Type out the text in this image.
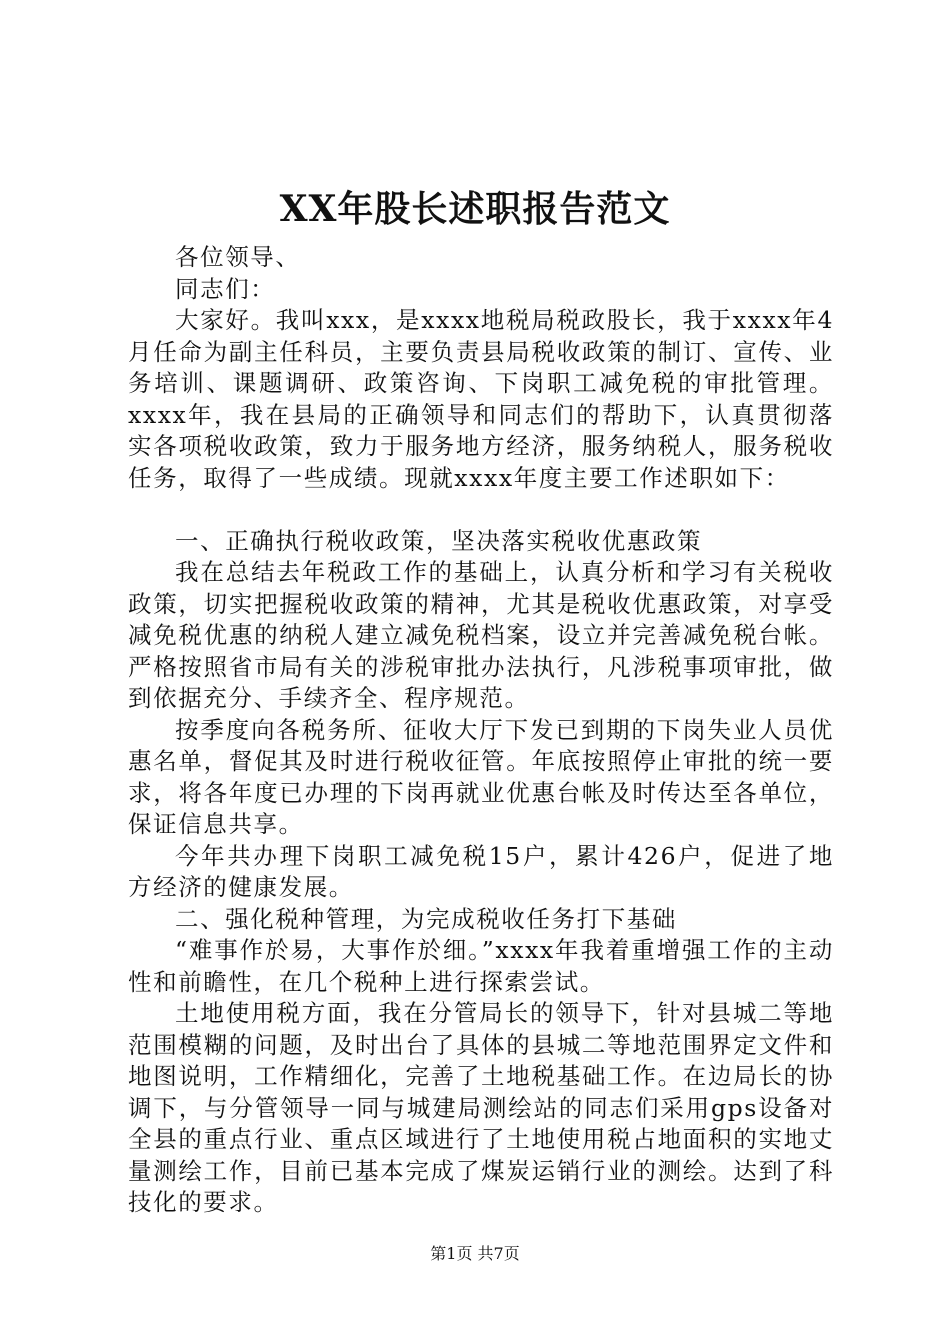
XX年股长述职报告范文

各位领导、

同志们：

大家好。我叫xxx，是xxxx地税局税政股长，我于xxxx年4月任命为副主任科员，主要负责县局税收政策的制订、宣传、业务培训、课题调研、政策咨询、下岗职工减免税的审批管理。xxxx年，我在县局的正确领导和同志们的帮助下，认真贯彻落实各项税收政策，致力于服务地方经济，服务纳税人，服务税收任务，取得了一些成绩。现就xxxx年度主要工作述职如下：

一、正确执行税收政策，坚决落实税收优惠政策

我在总结去年税政工作的基础上，认真分析和学习有关税收政策，切实把握税收政策的精神，尤其是税收优惠政策，对享受减免税优惠的纳税人建立减免税档案，设立并完善减免税台帐。严格按照省市局有关的涉税审批办法执行，凡涉税事项审批，做到依据充分、手续齐全、程序规范。

按季度向各税务所、征收大厅下发已到期的下岗失业人员优惠名单，督促其及时进行税收征管。年底按照停止审批的统一要求，将各年度已办理的下岗再就业优惠台帐及时传达至各单位，保证信息共享。

今年共办理下岗职工减免税15户，累计426户，促进了地方经济的健康发展。

二、强化税种管理，为完成税收任务打下基础

“难事作於易，大事作於细。”xxxx年我着重增强工作的主动性和前瞻性，在几个税种上进行探索尝试。

土地使用税方面，我在分管局长的领导下，针对县城二等地范围模糊的问题，及时出台了具体的县城二等地范围界定文件和地图说明，工作精细化，完善了土地税基础工作。在边局长的协调下，与分管领导一同与城建局测绘站的同志们采用gps设备对全县的重点行业、重点区域进行了土地使用税占地面积的实地丈量测绘工作，目前已基本完成了煤炭运销行业的测绘。达到了科技化的要求。

第1页 共7页
